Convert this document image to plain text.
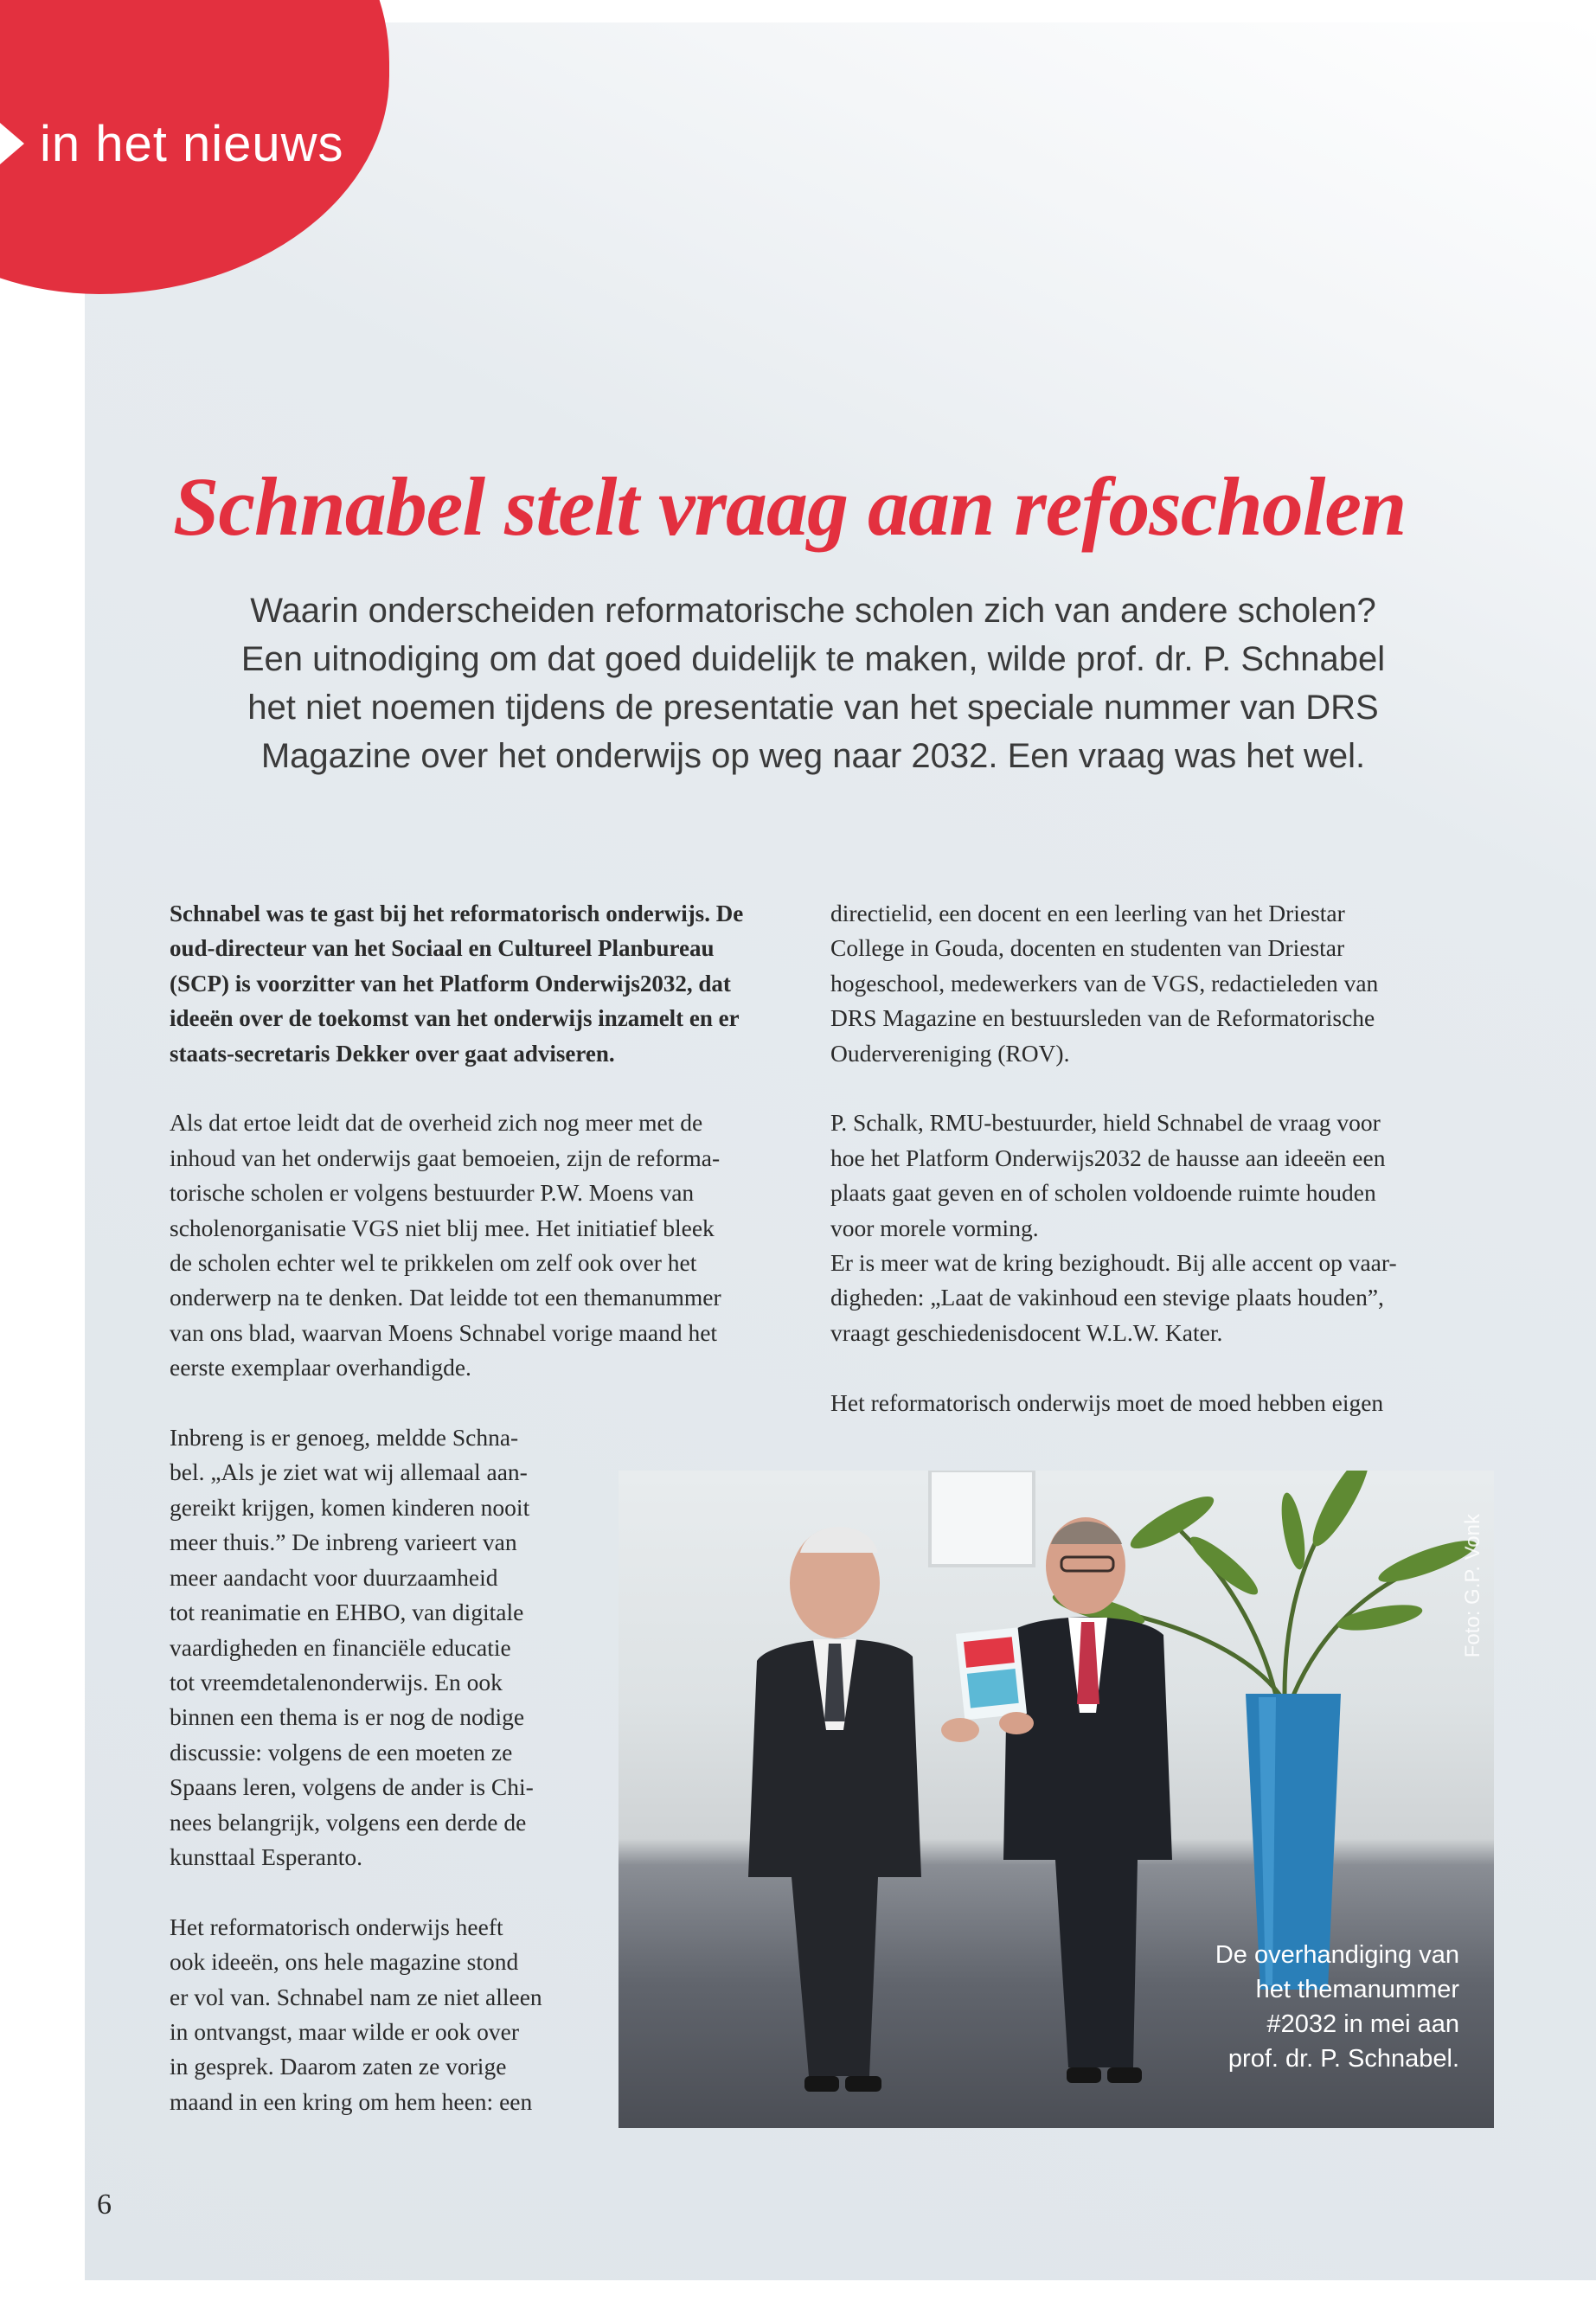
in het nieuws
Schnabel stelt vraag aan refoscholen
Waarin onderscheiden reformatorische scholen zich van andere scholen?
Een uitnodiging om dat goed duidelijk te maken, wilde prof. dr. P. Schnabel
het niet noemen tijdens de presentatie van het speciale nummer van DRS
Magazine over het onderwijs op weg naar 2032. Een vraag was het wel.
Schnabel was te gast bij het reformatorisch onderwijs. De
oud-directeur van het Sociaal en Cultureel Planbureau
(SCP) is voorzitter van het Platform Onderwijs2032, dat
ideeën over de toekomst van het onderwijs inzamelt en er
staats-secretaris Dekker over gaat adviseren.
Als dat ertoe leidt dat de overheid zich nog meer met de
inhoud van het onderwijs gaat bemoeien, zijn de reforma-
torische scholen er volgens bestuurder P.W. Moens van
scholenorganisatie VGS niet blij mee. Het initiatief bleek
de scholen echter wel te prikkelen om zelf ook over het
onderwerp na te denken. Dat leidde tot een themanummer
van ons blad, waarvan Moens Schnabel vorige maand het
eerste exemplaar overhandigde.
Inbreng is er genoeg, meldde Schna-
bel. „Als je ziet wat wij allemaal aan-
gereikt krijgen, komen kinderen nooit
meer thuis.” De inbreng varieert van
meer aandacht voor duurzaamheid
tot reanimatie en EHBO, van digitale
vaardigheden en financiële educatie
tot vreemdetalenonderwijs. En ook
binnen een thema is er nog de nodige
discussie: volgens de een moeten ze
Spaans leren, volgens de ander is Chi-
nees belangrijk, volgens een derde de
kunsttaal Esperanto.
Het reformatorisch onderwijs heeft
ook ideeën, ons hele magazine stond
er vol van. Schnabel nam ze niet alleen
in ontvangst, maar wilde er ook over
in gesprek. Daarom zaten ze vorige
maand in een kring om hem heen: een
directielid, een docent en een leerling van het Driestar
College in Gouda, docenten en studenten van Driestar
hogeschool, medewerkers van de VGS, redactieleden van
DRS Magazine en bestuursleden van de Reformatorische
Oudervereniging (ROV).
P. Schalk, RMU-bestuurder, hield Schnabel de vraag voor
hoe het Platform Onderwijs2032 de hausse aan ideeën een
plaats gaat geven en of scholen voldoende ruimte houden
voor morele vorming.
Er is meer wat de kring bezighoudt. Bij alle accent op vaar-
digheden: „Laat de vakinhoud een stevige plaats houden”,
vraagt geschiedenisdocent W.L.W. Kater.
Het reformatorisch onderwijs moet de moed hebben eigen
Foto: G.P. Vonk
De overhandiging van
het themanummer
#2032 in mei aan
prof. dr. P. Schnabel.
6
